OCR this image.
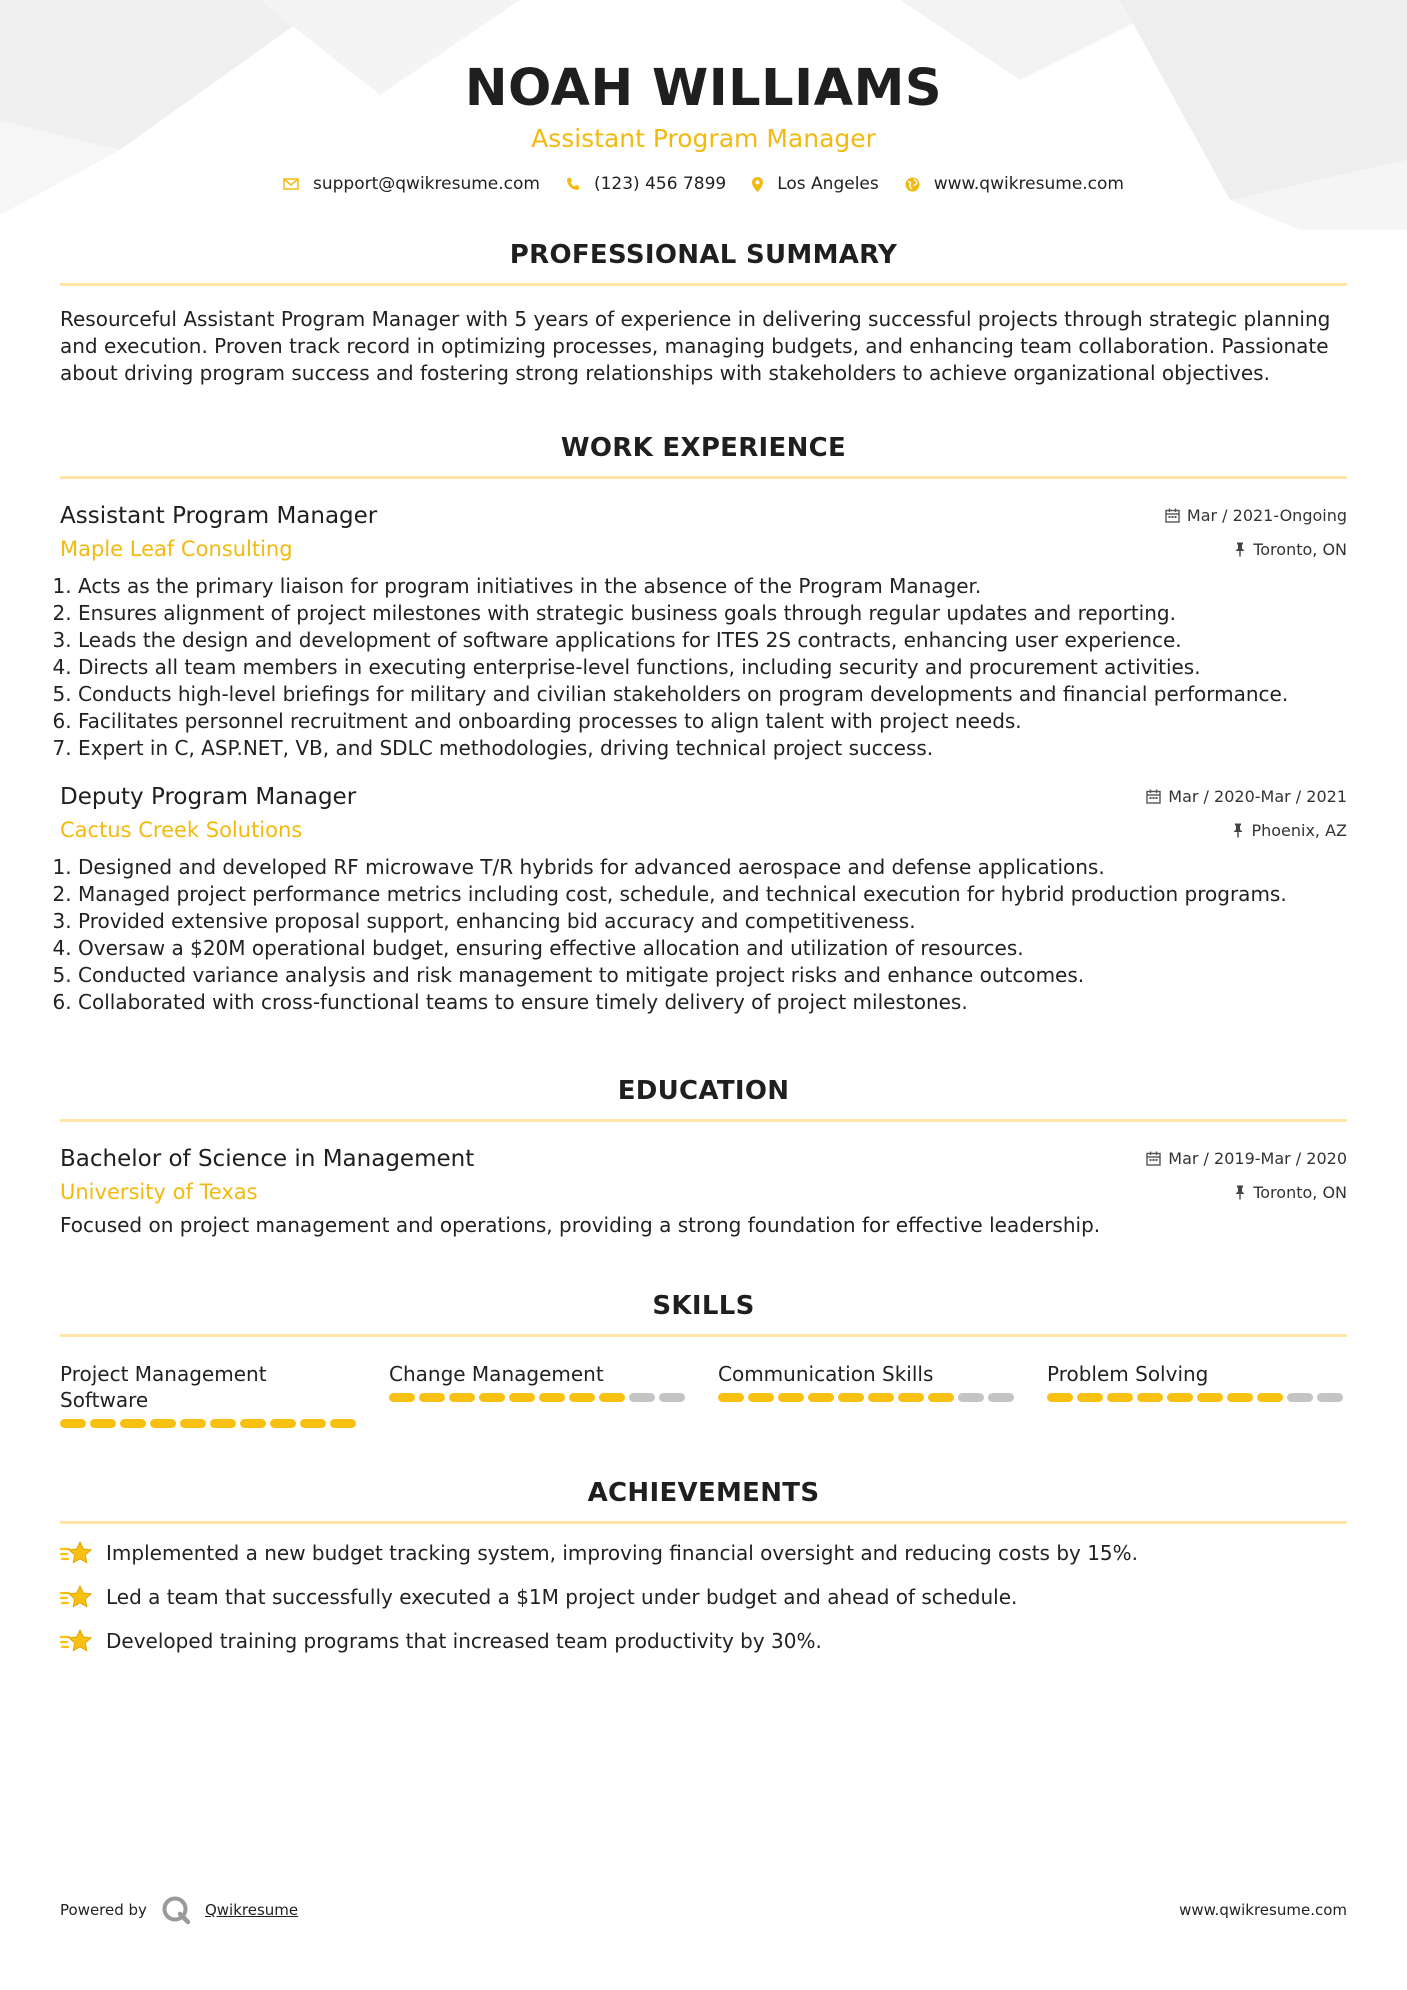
NOAH WILLIAMS
Assistant Program Manager
support@qwikresume.com	(123) 456 7899	Los Angeles	www.qwikresume.com
PROFESSIONAL SUMMARY
Resourceful Assistant Program Manager with 5 years of experience in delivering successful projects through strategic planning and execution. Proven track record in optimizing processes, managing budgets, and enhancing team collaboration. Passionate about driving program success and fostering strong relationships with stakeholders to achieve organizational objectives.
WORK EXPERIENCE
Assistant Program Manager	Mar / 2021-Ongoing
Maple Leaf Consulting	Toronto, ON
1. Acts as the primary liaison for program initiatives in the absence of the Program Manager.
2. Ensures alignment of project milestones with strategic business goals through regular updates and reporting.
3. Leads the design and development of software applications for ITES 2S contracts, enhancing user experience.
4. Directs all team members in executing enterprise-level functions, including security and procurement activities.
5. Conducts high-level briefings for military and civilian stakeholders on program developments and financial performance.
6. Facilitates personnel recruitment and onboarding processes to align talent with project needs.
7. Expert in C, ASP.NET, VB, and SDLC methodologies, driving technical project success.
Deputy Program Manager	Mar / 2020-Mar / 2021
Cactus Creek Solutions	Phoenix, AZ
1. Designed and developed RF microwave T/R hybrids for advanced aerospace and defense applications.
2. Managed project performance metrics including cost, schedule, and technical execution for hybrid production programs.
3. Provided extensive proposal support, enhancing bid accuracy and competitiveness.
4. Oversaw a $20M operational budget, ensuring effective allocation and utilization of resources.
5. Conducted variance analysis and risk management to mitigate project risks and enhance outcomes.
6. Collaborated with cross-functional teams to ensure timely delivery of project milestones.
EDUCATION
Bachelor of Science in Management	Mar / 2019-Mar / 2020
University of Texas	Toronto, ON
Focused on project management and operations, providing a strong foundation for effective leadership.
SKILLS
Project Management Software
Change Management	Communication Skills	Problem Solving
ACHIEVEMENTS
Implemented a new budget tracking system, improving financial oversight and reducing costs by 15%.
Led a team that successfully executed a $1M project under budget and ahead of schedule.
Developed training programs that increased team productivity by 30%.
Powered by	Qwikresume	www.qwikresume.com
